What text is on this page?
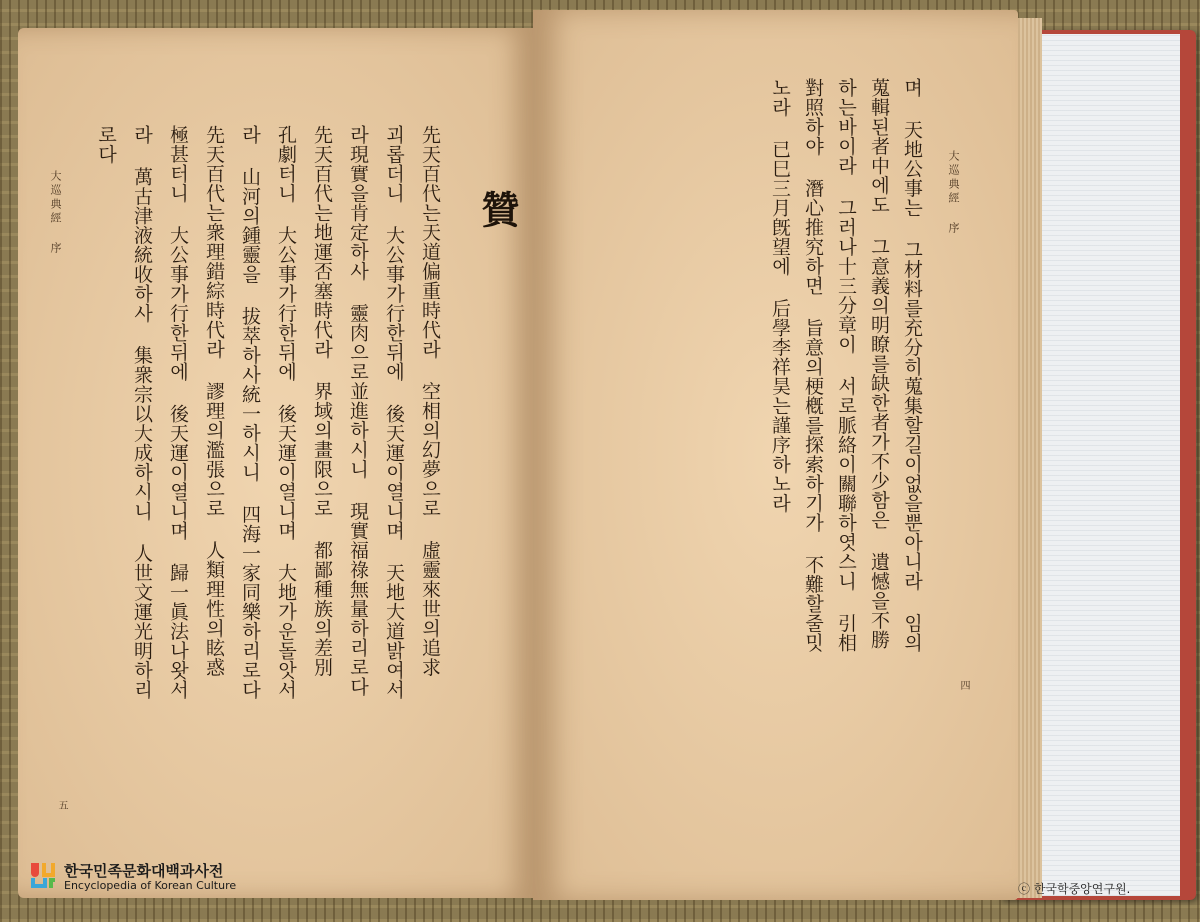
大巡典經 序
四
며 天地公事는 그材料를充分히蒐集할길이없을뿐아니라 임의
蒐輯된者中에도 그意義의明瞭를缺한者가不少함은 遺憾을不勝
하는바이라 그러나十三分章이 서로脈絡이關聯하엿스니 引相
對照하야 潛心推究하면 旨意의梗槪를探索하기가 不難할줄밋
노라 已巳三月旣望에 后學李祥昊는謹序하노라
贊
先天百代는天道偏重時代라 空相의幻夢으로 虛靈來世의追求
괴롭더니 大公事가行한뒤에 後天運이열니며 天地大道밝여서
라現實을肯定하사 靈肉으로並進하시니 現實福祿無量하리로다
先天百代는地運否塞時代라 界域의畫限으로 都鄙種族의差別
孔劇터니 大公事가行한뒤에 後天運이열니며 大地가운돌앗서
라 山河의鍾靈을 拔萃하사統一하시니 四海一家同樂하리로다
先天百代는衆理錯綜時代라 謬理의濫張으로 人類理性의眩惑
極甚터니 大公事가行한뒤에 後天運이열니며 歸一眞法나왓서
라 萬古津液統收하사 集衆宗以大成하시니 人世文運光明하리
로다
大巡典經 序
五
한국민족문화대백과사전
Encyclopedia of Korean Culture	ⓒ 한국학중앙연구원.
